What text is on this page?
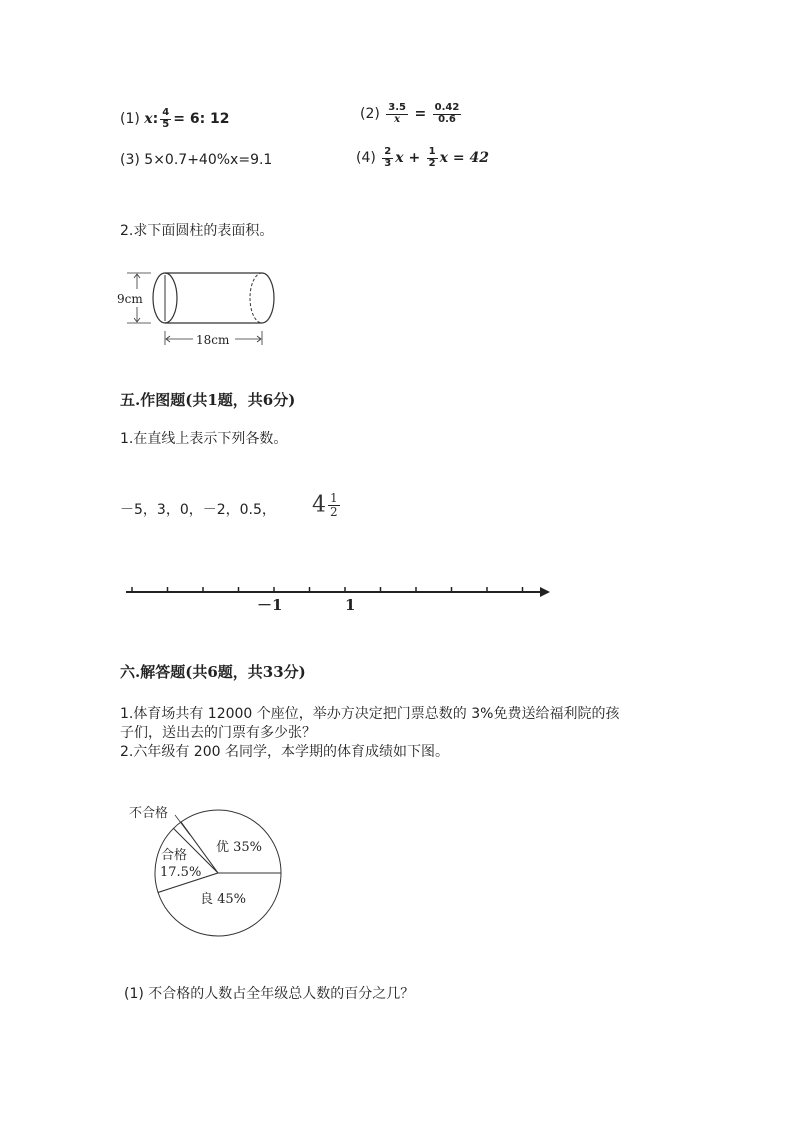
(1) x: $\frac{4}{5} = 6$: 12	$(2) \frac{3.5}{x} = \frac{0.42}{0.6}$
(3) 5×0.7+40%x=9.1	$(4) \frac{2}{3}$ $x + \frac{1}{2}$ x = 42
2.求下面圆柱的表面积。
9cm
18cm
五.作图题(共1题，共6分)
1.在直线上表示下列各数。
－5，3，0，－2，0.5， $4 \frac{1}{2}$
－1	1
六.解答题(共6题，共33分)
1.体育场共有 12000 个座位，举办方决定把门票总数的 3%免费送给福利院的孩
子们，送出去的门票有多少张？
2.六年级有 200 名同学，本学期的体育成绩如下图。
不合格
优 35%
合格
17.5%
良 45%
(1) 不合格的人数占全年级总人数的百分之几？
